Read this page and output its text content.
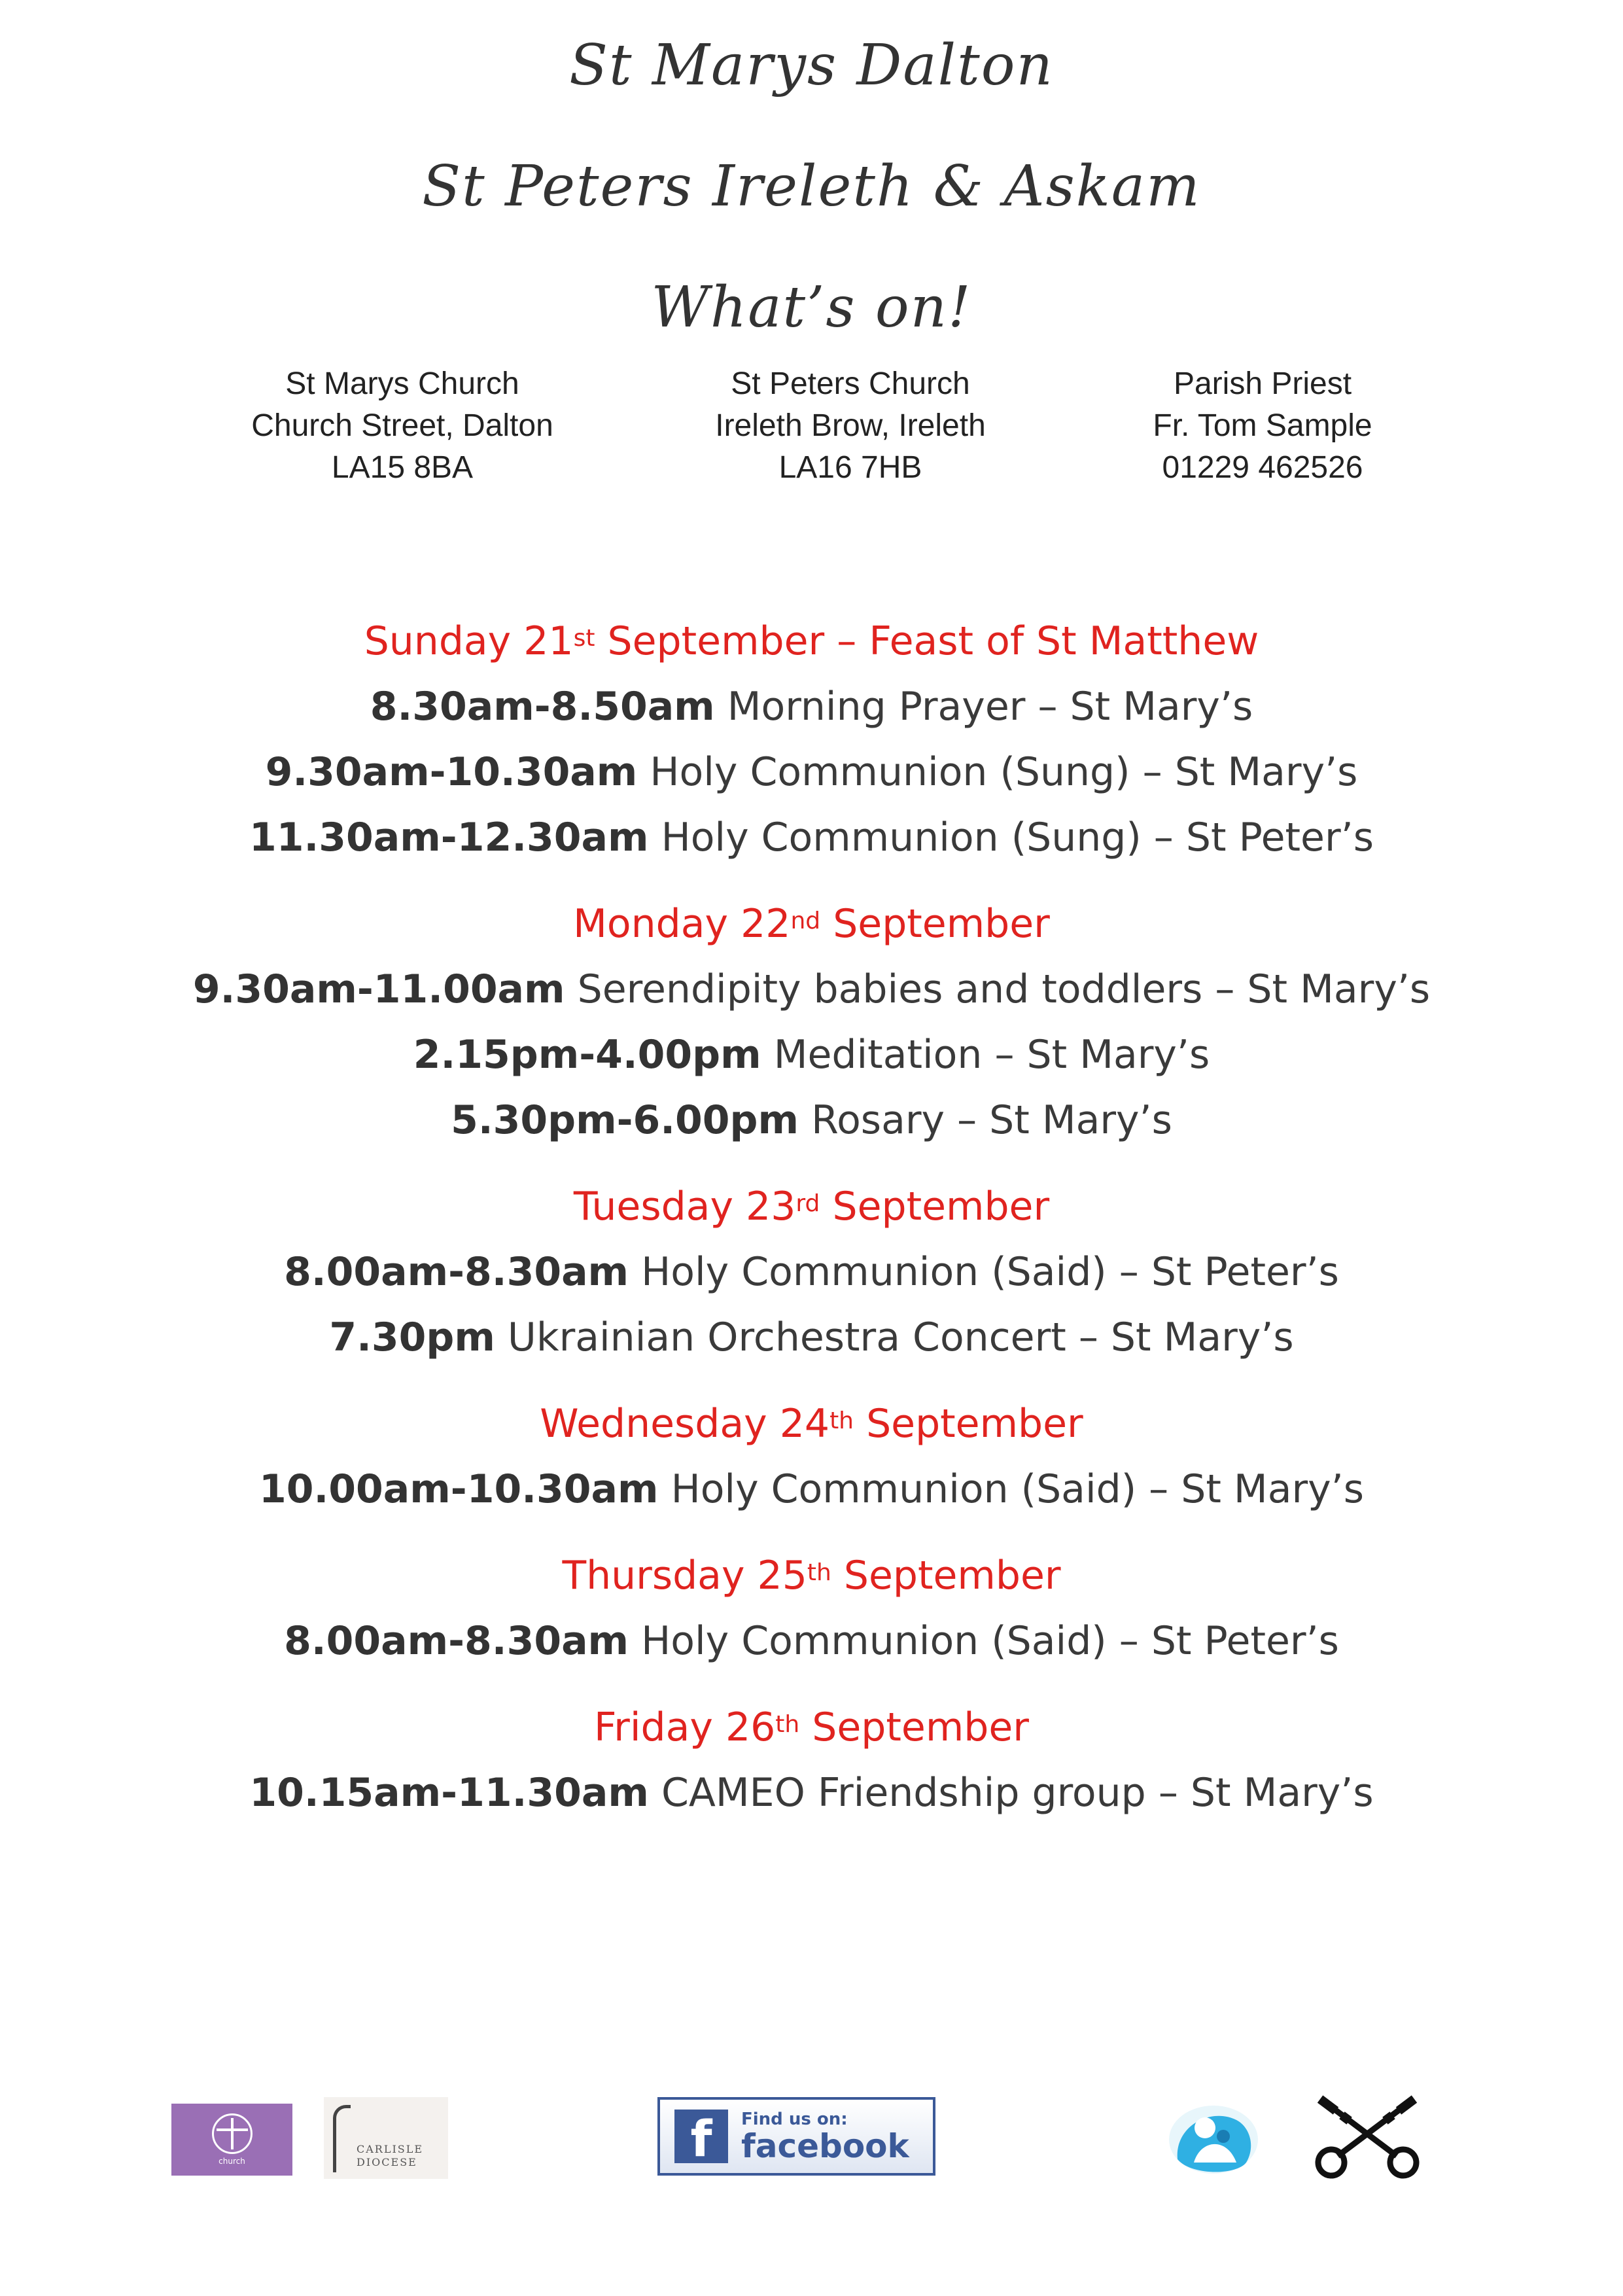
St Marys Dalton
St Peters Ireleth & Askam
What’s on!
St Marys Church
Church Street, Dalton
LA15 8BA
St Peters Church
Ireleth Brow, Ireleth
LA16 7HB
Parish Priest
Fr. Tom Sample
01229 462526
Sunday 21st September – Feast of St Matthew
8.30am-8.50am Morning Prayer – St Mary’s
9.30am-10.30am Holy Communion (Sung) – St Mary’s
11.30am-12.30am Holy Communion (Sung) – St Peter’s
Monday 22nd September
9.30am-11.00am Serendipity babies and toddlers – St Mary’s
2.15pm-4.00pm Meditation – St Mary’s
5.30pm-6.00pm Rosary – St Mary’s
Tuesday 23rd September
8.00am-8.30am Holy Communion (Said) – St Peter’s
7.30pm Ukrainian Orchestra Concert – St Mary’s
Wednesday 24th September
10.00am-10.30am Holy Communion (Said) – St Mary’s
Thursday 25th September
8.00am-8.30am Holy Communion (Said) – St Peter’s
Friday 26th September
10.15am-11.30am CAMEO Friendship group – St Mary’s
church
CARLISLE
DIOCESE	f	Find us on:
facebook
